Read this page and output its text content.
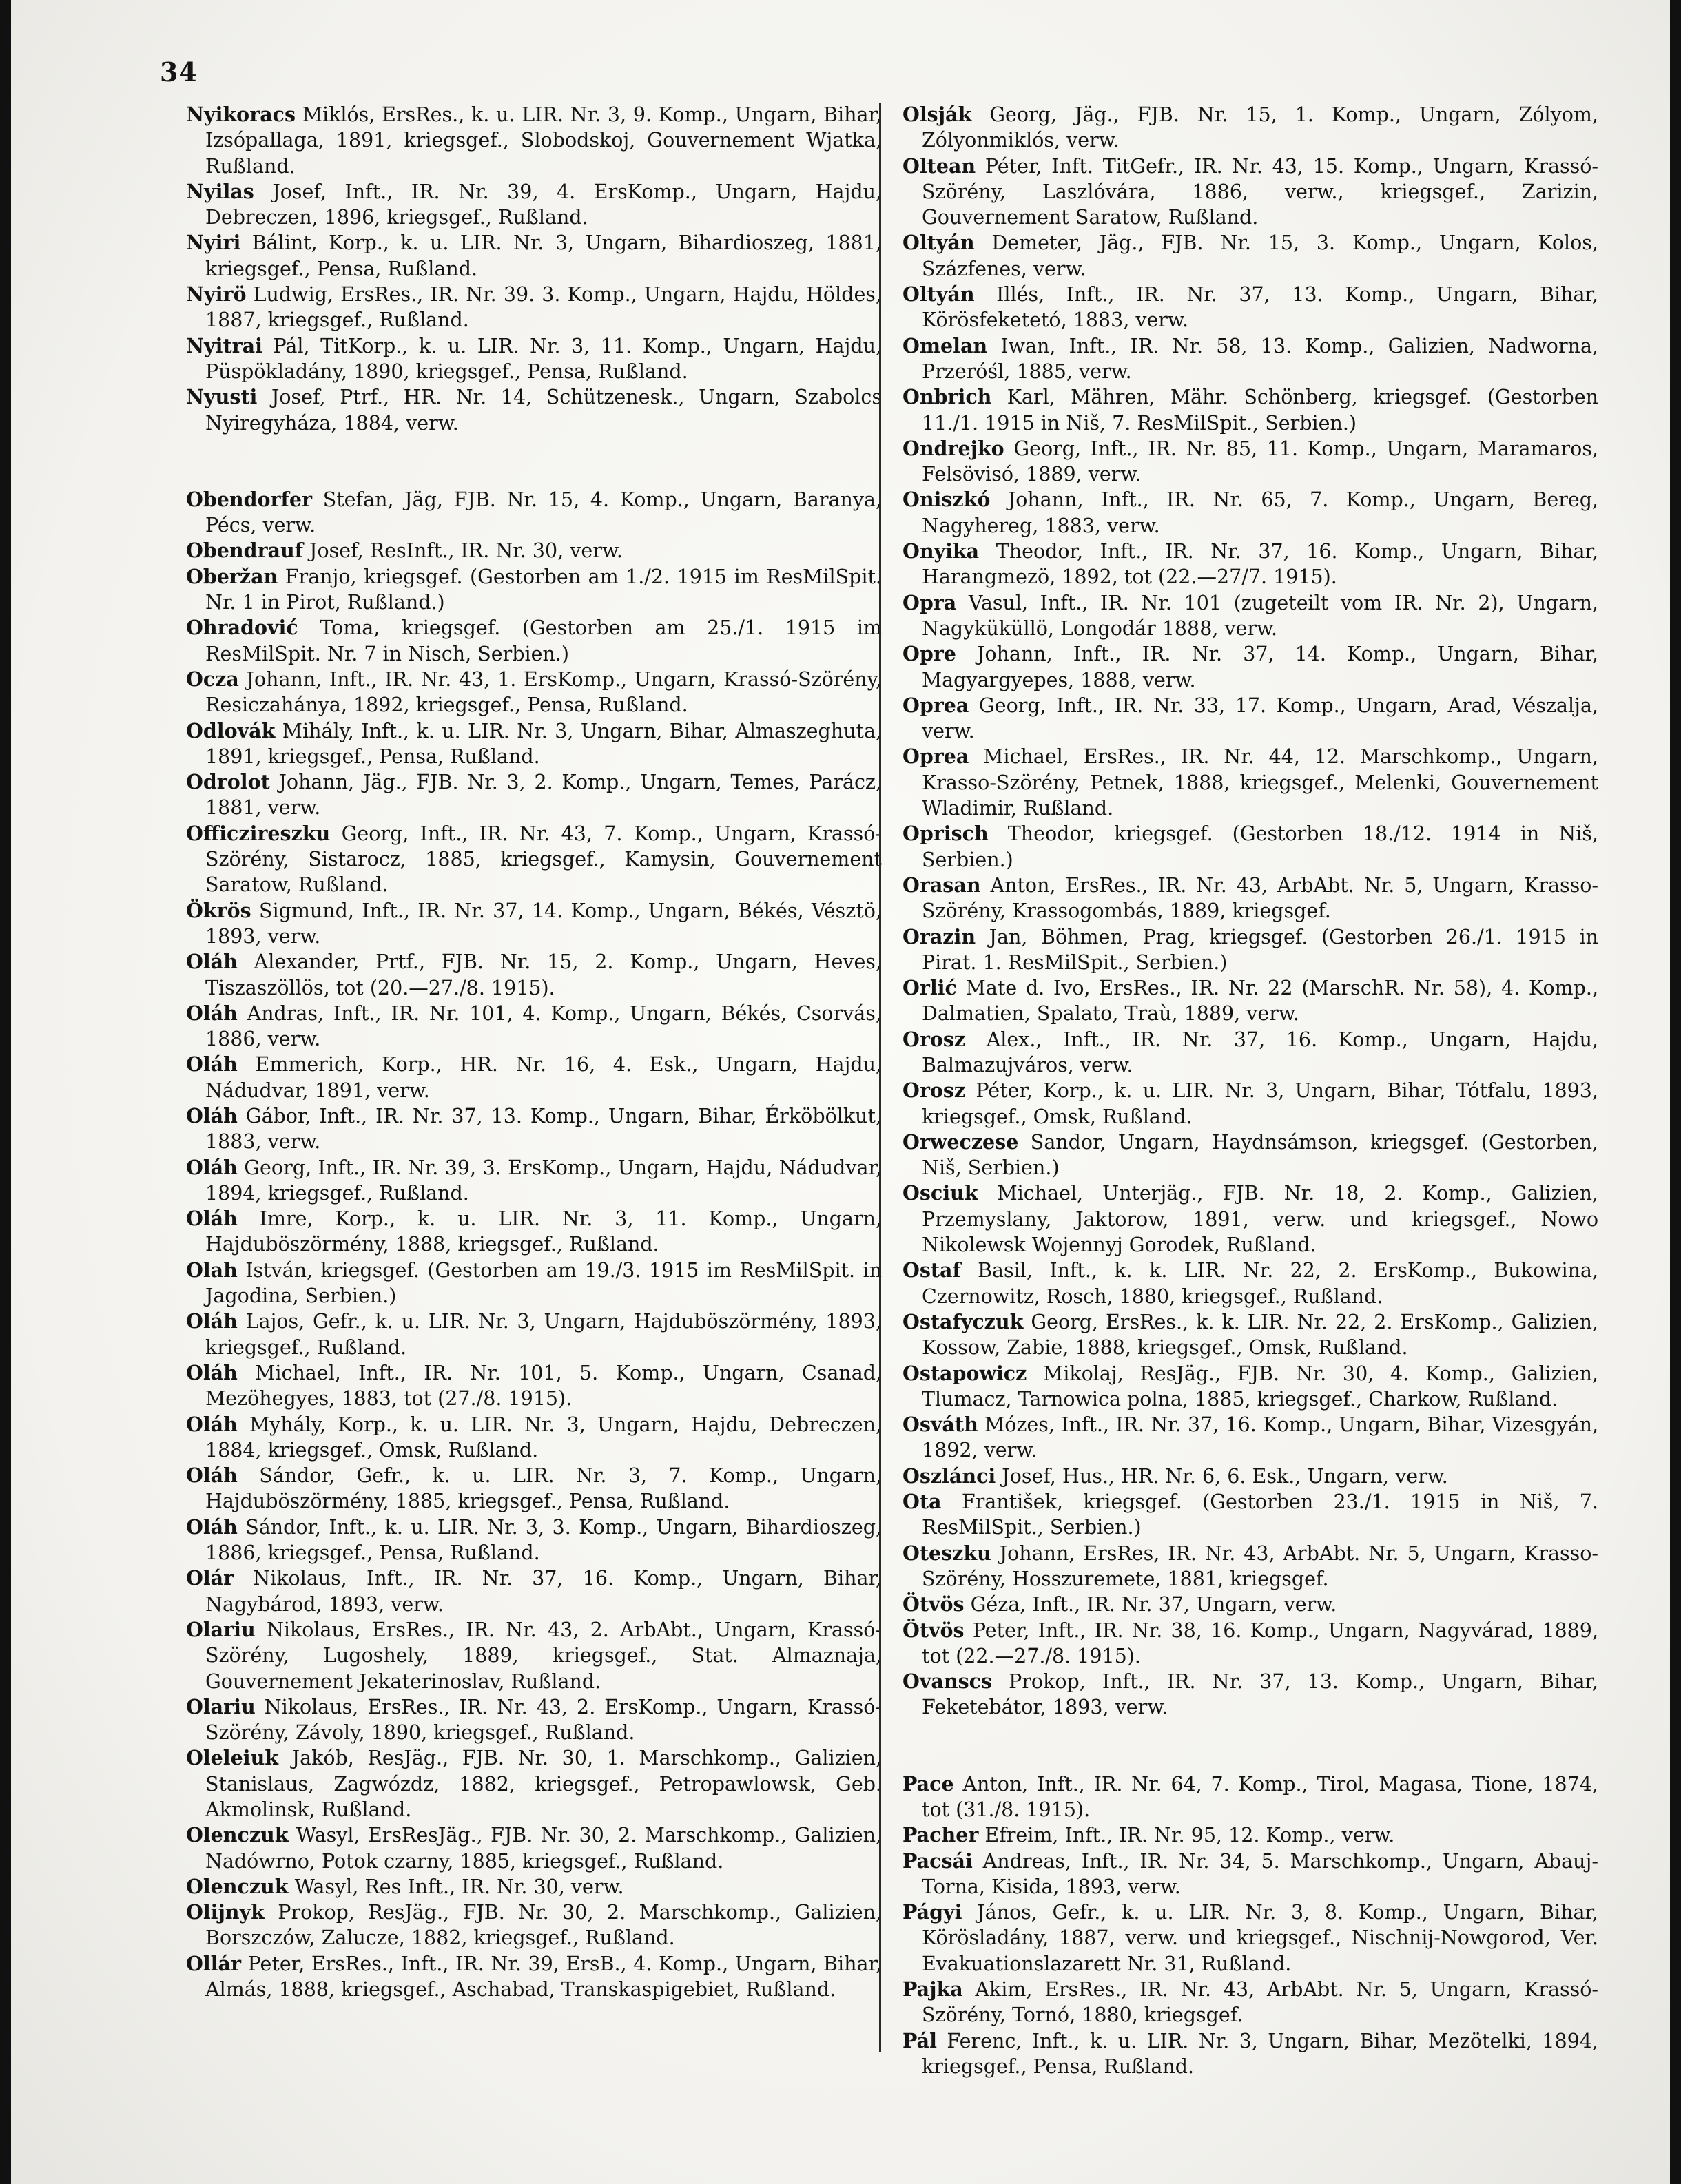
34

Nyikoracs Miklós, ErsRes., k. u. LIR. Nr. 3, 9. Komp., Ungarn, Bihar, Izsópallaga, 1891, kriegsgef., Slobodskoj, Gouvernement Wjatka, Rußland.

Nyilas Josef, Inft., IR. Nr. 39, 4. ErsKomp., Ungarn, Hajdu, Debreczen, 1896, kriegsgef., Rußland.

Nyiri Bálint, Korp., k. u. LIR. Nr. 3, Ungarn, Bihardioszeg, 1881, kriegsgef., Pensa, Rußland.

Nyirö Ludwig, ErsRes., IR. Nr. 39. 3. Komp., Ungarn, Hajdu, Höldes, 1887, kriegsgef., Rußland.

Nyitrai Pál, TitKorp., k. u. LIR. Nr. 3, 11. Komp., Ungarn, Hajdu, Püspökladány, 1890, kriegsgef., Pensa, Rußland.

Nyusti Josef, Ptrf., HR. Nr. 14, Schützenesk., Ungarn, Szabolcs Nyiregyháza, 1884, verw.

Obendorfer Stefan, Jäg, FJB. Nr. 15, 4. Komp., Ungarn, Baranya, Pécs, verw.

Obendrauf Josef, ResInft., IR. Nr. 30, verw.

Oberžan Franjo, kriegsgef. (Gestorben am 1./2. 1915 im ResMilSpit. Nr. 1 in Pirot, Rußland.)

Ohradović Toma, kriegsgef. (Gestorben am 25./1. 1915 im ResMilSpit. Nr. 7 in Nisch, Serbien.)

Ocza Johann, Inft., IR. Nr. 43, 1. ErsKomp., Ungarn, Krassó-Szörény, Resiczahánya, 1892, kriegsgef., Pensa, Rußland.

Odlovák Mihály, Inft., k. u. LIR. Nr. 3, Ungarn, Bihar, Almaszeghuta, 1891, kriegsgef., Pensa, Rußland.

Odrolot Johann, Jäg., FJB. Nr. 3, 2. Komp., Ungarn, Temes, Parácz, 1881, verw.

Officzireszku Georg, Inft., IR. Nr. 43, 7. Komp., Ungarn, Krassó-Szörény, Sistarocz, 1885, kriegsgef., Kamysin, Gouvernement Saratow, Rußland.

Ökrös Sigmund, Inft., IR. Nr. 37, 14. Komp., Ungarn, Békés, Vésztö, 1893, verw.

Oláh Alexander, Prtf., FJB. Nr. 15, 2. Komp., Ungarn, Heves, Tiszaszöllös, tot (20.—27./8. 1915).

Oláh Andras, Inft., IR. Nr. 101, 4. Komp., Ungarn, Békés, Csorvás, 1886, verw.

Oláh Emmerich, Korp., HR. Nr. 16, 4. Esk., Ungarn, Hajdu, Nádudvar, 1891, verw.

Oláh Gábor, Inft., IR. Nr. 37, 13. Komp., Ungarn, Bihar, Érköbölkut, 1883, verw.

Oláh Georg, Inft., IR. Nr. 39, 3. ErsKomp., Ungarn, Hajdu, Nádudvar, 1894, kriegsgef., Rußland.

Oláh Imre, Korp., k. u. LIR. Nr. 3, 11. Komp., Ungarn, Hajduböszörmény, 1888, kriegsgef., Rußland.

Olah István, kriegsgef. (Gestorben am 19./3. 1915 im ResMilSpit. in Jagodina, Serbien.)

Oláh Lajos, Gefr., k. u. LIR. Nr. 3, Ungarn, Hajduböszörmény, 1893, kriegsgef., Rußland.

Oláh Michael, Inft., IR. Nr. 101, 5. Komp., Ungarn, Csanad, Mezöhegyes, 1883, tot (27./8. 1915).

Oláh Myhály, Korp., k. u. LIR. Nr. 3, Ungarn, Hajdu, Debreczen, 1884, kriegsgef., Omsk, Rußland.

Oláh Sándor, Gefr., k. u. LIR. Nr. 3, 7. Komp., Ungarn, Hajduböszörmény, 1885, kriegsgef., Pensa, Rußland.

Oláh Sándor, Inft., k. u. LIR. Nr. 3, 3. Komp., Ungarn, Bihardioszeg, 1886, kriegsgef., Pensa, Rußland.

Olár Nikolaus, Inft., IR. Nr. 37, 16. Komp., Ungarn, Bihar, Nagybárod, 1893, verw.

Olariu Nikolaus, ErsRes., IR. Nr. 43, 2. ArbAbt., Ungarn, Krassó-Szörény, Lugoshely, 1889, kriegsgef., Stat. Almaznaja, Gouvernement Jekaterinoslav, Rußland.

Olariu Nikolaus, ErsRes., IR. Nr. 43, 2. ErsKomp., Ungarn, Krassó-Szörény, Závoly, 1890, kriegsgef., Rußland.

Oleleiuk Jakób, ResJäg., FJB. Nr. 30, 1. Marschkomp., Galizien, Stanislaus, Zagwózdz, 1882, kriegsgef., Petropawlowsk, Geb. Akmolinsk, Rußland.

Olenczuk Wasyl, ErsResJäg., FJB. Nr. 30, 2. Marschkomp., Galizien, Nadówrno, Potok czarny, 1885, kriegsgef., Rußland.

Olenczuk Wasyl, Res Inft., IR. Nr. 30, verw.

Olijnyk Prokop, ResJäg., FJB. Nr. 30, 2. Marschkomp., Galizien, Borszczów, Zalucze, 1882, kriegsgef., Rußland.

Ollár Peter, ErsRes., Inft., IR. Nr. 39, ErsB., 4. Komp., Ungarn, Bihar, Almás, 1888, kriegsgef., Aschabad, Transkaspigebiet, Rußland.

Olsják Georg, Jäg., FJB. Nr. 15, 1. Komp., Ungarn, Zólyom, Zólyonmiklós, verw.

Oltean Péter, Inft. TitGefr., IR. Nr. 43, 15. Komp., Ungarn, Krassó-Szörény, Laszlóvára, 1886, verw., kriegsgef., Zarizin, Gouvernement Saratow, Rußland.

Oltyán Demeter, Jäg., FJB. Nr. 15, 3. Komp., Ungarn, Kolos, Százfenes, verw.

Oltyán Illés, Inft., IR. Nr. 37, 13. Komp., Ungarn, Bihar, Körösfeketetó, 1883, verw.

Omelan Iwan, Inft., IR. Nr. 58, 13. Komp., Galizien, Nadworna, Przeróśl, 1885, verw.

Onbrich Karl, Mähren, Mähr. Schönberg, kriegsgef. (Gestorben 11./1. 1915 in Niš, 7. ResMilSpit., Serbien.)

Ondrejko Georg, Inft., IR. Nr. 85, 11. Komp., Ungarn, Maramaros, Felsövisó, 1889, verw.

Oniszkó Johann, Inft., IR. Nr. 65, 7. Komp., Ungarn, Bereg, Nagyhereg, 1883, verw.

Onyika Theodor, Inft., IR. Nr. 37, 16. Komp., Ungarn, Bihar, Harangmezö, 1892, tot (22.—27/7. 1915).

Opra Vasul, Inft., IR. Nr. 101 (zugeteilt vom IR. Nr. 2), Ungarn, Nagyküküllö, Longodár 1888, verw.

Opre Johann, Inft., IR. Nr. 37, 14. Komp., Ungarn, Bihar, Magyargyepes, 1888, verw.

Oprea Georg, Inft., IR. Nr. 33, 17. Komp., Ungarn, Arad, Vészalja, verw.

Oprea Michael, ErsRes., IR. Nr. 44, 12. Marschkomp., Ungarn, Krasso-Szörény, Petnek, 1888, kriegsgef., Melenki, Gouvernement Wladimir, Rußland.

Oprisch Theodor, kriegsgef. (Gestorben 18./12. 1914 in Niš, Serbien.)

Orasan Anton, ErsRes., IR. Nr. 43, ArbAbt. Nr. 5, Ungarn, Krasso-Szörény, Krassogombás, 1889, kriegsgef.

Orazin Jan, Böhmen, Prag, kriegsgef. (Gestorben 26./1. 1915 in Pirat. 1. ResMilSpit., Serbien.)

Orlić Mate d. Ivo, ErsRes., IR. Nr. 22 (MarschR. Nr. 58), 4. Komp., Dalmatien, Spalato, Traù, 1889, verw.

Orosz Alex., Inft., IR. Nr. 37, 16. Komp., Ungarn, Hajdu, Balmazujváros, verw.

Orosz Péter, Korp., k. u. LIR. Nr. 3, Ungarn, Bihar, Tótfalu, 1893, kriegsgef., Omsk, Rußland.

Orweczese Sandor, Ungarn, Haydnsámson, kriegsgef. (Gestorben, Niš, Serbien.)

Osciuk Michael, Unterjäg., FJB. Nr. 18, 2. Komp., Galizien, Przemyslany, Jaktorow, 1891, verw. und kriegsgef., Nowo Nikolewsk Wojennyj Gorodek, Rußland.

Ostaf Basil, Inft., k. k. LIR. Nr. 22, 2. ErsKomp., Bukowina, Czernowitz, Rosch, 1880, kriegsgef., Rußland.

Ostafyczuk Georg, ErsRes., k. k. LIR. Nr. 22, 2. ErsKomp., Galizien, Kossow, Zabie, 1888, kriegsgef., Omsk, Rußland.

Ostapowicz Mikolaj, ResJäg., FJB. Nr. 30, 4. Komp., Galizien, Tlumacz, Tarnowica polna, 1885, kriegsgef., Charkow, Rußland.

Osváth Mózes, Inft., IR. Nr. 37, 16. Komp., Ungarn, Bihar, Vizesgyán, 1892, verw.

Oszlánci Josef, Hus., HR. Nr. 6, 6. Esk., Ungarn, verw.

Ota František, kriegsgef. (Gestorben 23./1. 1915 in Niš, 7. ResMilSpit., Serbien.)

Oteszku Johann, ErsRes, IR. Nr. 43, ArbAbt. Nr. 5, Ungarn, Krasso-Szörény, Hosszuremete, 1881, kriegsgef.

Ötvös Géza, Inft., IR. Nr. 37, Ungarn, verw.

Ötvös Peter, Inft., IR. Nr. 38, 16. Komp., Ungarn, Nagyvárad, 1889, tot (22.—27./8. 1915).

Ovanscs Prokop, Inft., IR. Nr. 37, 13. Komp., Ungarn, Bihar, Feketebátor, 1893, verw.

Pace Anton, Inft., IR. Nr. 64, 7. Komp., Tirol, Magasa, Tione, 1874, tot (31./8. 1915).

Pacher Efreim, Inft., IR. Nr. 95, 12. Komp., verw.

Pacsái Andreas, Inft., IR. Nr. 34, 5. Marschkomp., Ungarn, Abauj-Torna, Kisida, 1893, verw.

Págyi János, Gefr., k. u. LIR. Nr. 3, 8. Komp., Ungarn, Bihar, Körösladány, 1887, verw. und kriegsgef., Nischnij-Nowgorod, Ver. Evakuationslazarett Nr. 31, Rußland.

Pajka Akim, ErsRes., IR. Nr. 43, ArbAbt. Nr. 5, Ungarn, Krassó-Szörény, Tornó, 1880, kriegsgef.

Pál Ferenc, Inft., k. u. LIR. Nr. 3, Ungarn, Bihar, Mezötelki, 1894, kriegsgef., Pensa, Rußland.
